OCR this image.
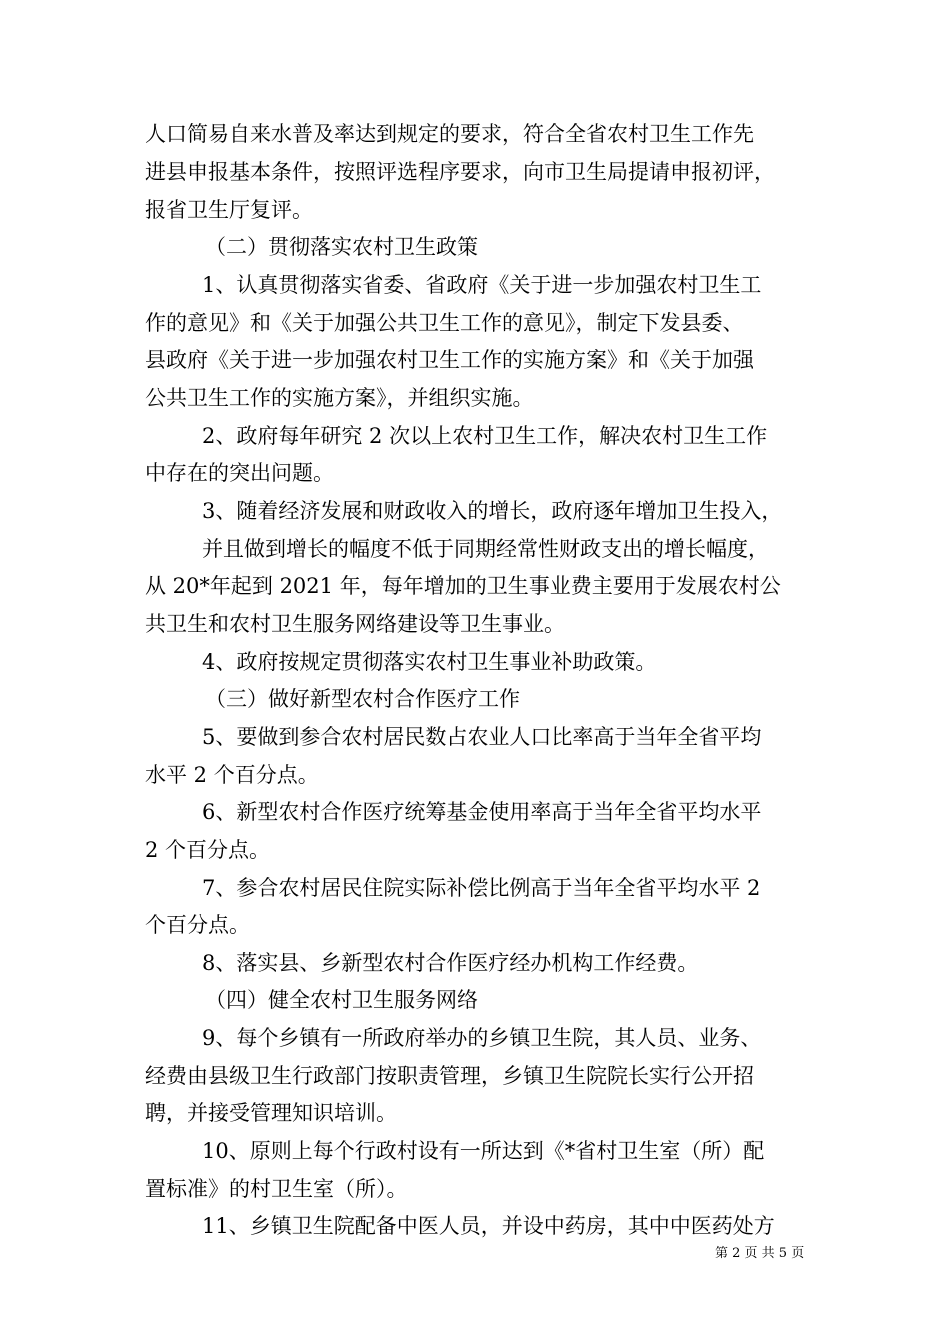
人口简易自来水普及率达到规定的要求，符合全省农村卫生工作先
进县申报基本条件，按照评选程序要求，向市卫生局提请申报初评，
报省卫生厅复评。
（二）贯彻落实农村卫生政策
1、认真贯彻落实省委、省政府《关于进一步加强农村卫生工
作的意见》和《关于加强公共卫生工作的意见》，制定下发县委、
县政府《关于进一步加强农村卫生工作的实施方案》和《关于加强
公共卫生工作的实施方案》，并组织实施。
2、政府每年研究 2 次以上农村卫生工作，解决农村卫生工作
中存在的突出问题。
3、随着经济发展和财政收入的增长，政府逐年增加卫生投入，
并且做到增长的幅度不低于同期经常性财政支出的增长幅度，
从 20*年起到 2021 年，每年增加的卫生事业费主要用于发展农村公
共卫生和农村卫生服务网络建设等卫生事业。
4、政府按规定贯彻落实农村卫生事业补助政策。
（三）做好新型农村合作医疗工作
5、要做到参合农村居民数占农业人口比率高于当年全省平均
水平 2 个百分点。
6、新型农村合作医疗统筹基金使用率高于当年全省平均水平
2 个百分点。
7、参合农村居民住院实际补偿比例高于当年全省平均水平 2
个百分点。
8、落实县、乡新型农村合作医疗经办机构工作经费。
（四）健全农村卫生服务网络
9、每个乡镇有一所政府举办的乡镇卫生院，其人员、业务、
经费由县级卫生行政部门按职责管理，乡镇卫生院院长实行公开招
聘，并接受管理知识培训。
10、原则上每个行政村设有一所达到《*省村卫生室（所）配
置标准》的村卫生室（所）。
11、乡镇卫生院配备中医人员，并设中药房，其中中医药处方
第 2 页 共 5 页
